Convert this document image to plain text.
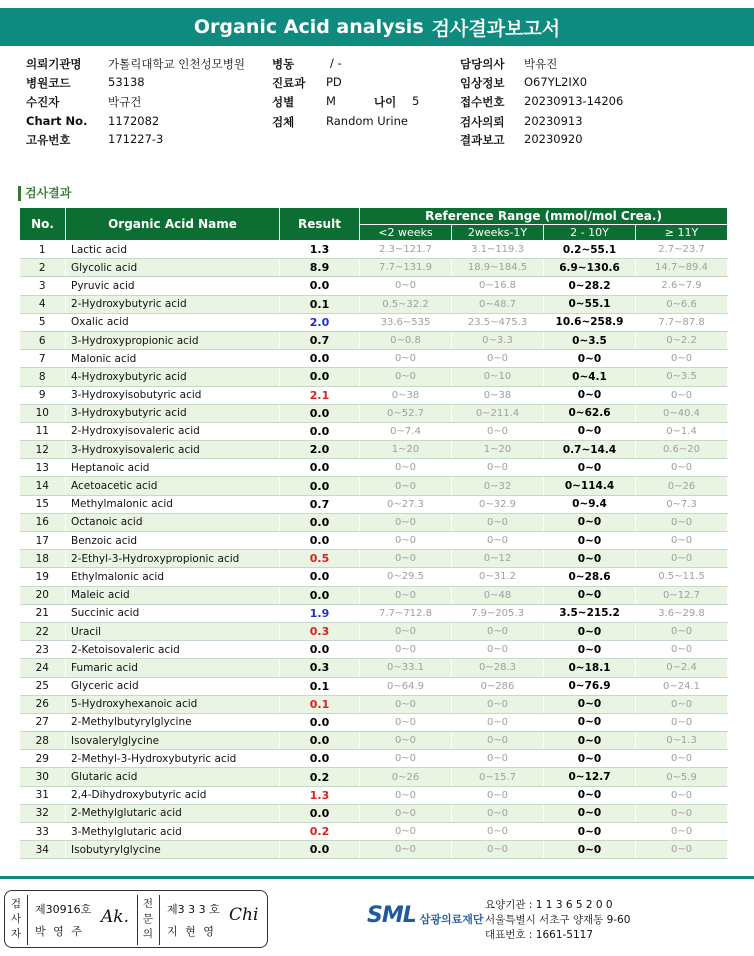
Organic Acid analysis 검사결과보고서
의뢰기관명 가톨릭대학교 인천성모병원 병동	/ -	담당의사 박유진
병원코드	53138	진료과 PD	임상정보 O67YL2IX0
수진자	박규건	성별	M	나이 5	접수번호 20230913-14206
Chart No. 1172082	검체	Random Urine	검사의뢰 20230913
고유번호	171227-3	결과보고 20230920
검사결과
No.	Organic Acid Name	Result	Reference Range (mmol/mol Crea.)			
			<2 weeks	2weeks-1Y	2 - 10Y	≥ 11Y
1	Lactic acid	1.3	2.3~121.7	3.1~119.3	0.2~55.1	2.7~23.7
2	Glycolic acid	8.9	7.7~131.9	18.9~184.5	6.9~130.6	14.7~89.4
3	Pyruvic acid	0.0	0~0	0~16.8	0~28.2	2.6~7.9
4	2-Hydroxybutyric acid	0.1	0.5~32.2	0~48.7	0~55.1	0~6.6
5	Oxalic acid	2.0	33.6~535	23.5~475.3	10.6~258.9	7.7~87.8
6	3-Hydroxypropionic acid	0.7	0~0.8	0~3.3	0~3.5	0~2.2
7	Malonic acid	0.0	0~0	0~0	0~0	0~0
8	4-Hydroxybutyric acid	0.0	0~0	0~10	0~4.1	0~3.5
9	3-Hydroxyisobutyric acid	2.1	0~38	0~38	0~0	0~0
10	3-Hydroxybutyric acid	0.0	0~52.7	0~211.4	0~62.6	0~40.4
11	2-Hydroxyisovaleric acid	0.0	0~7.4	0~0	0~0	0~1.4
12	3-Hydroxyisovaleric acid	2.0	1~20	1~20	0.7~14.4	0.6~20
13	Heptanoic acid	0.0	0~0	0~0	0~0	0~0
14	Acetoacetic acid	0.0	0~0	0~32	0~114.4	0~26
15	Methylmalonic acid	0.7	0~27.3	0~32.9	0~9.4	0~7.3
16	Octanoic acid	0.0	0~0	0~0	0~0	0~0
17	Benzoic acid	0.0	0~0	0~0	0~0	0~0
18	2-Ethyl-3-Hydroxypropionic acid	0.5	0~0	0~12	0~0	0~0
19	Ethylmalonic acid	0.0	0~29.5	0~31.2	0~28.6	0.5~11.5
20	Maleic acid	0.0	0~0	0~48	0~0	0~12.7
21	Succinic acid	1.9	7.7~712.8	7.9~205.3	3.5~215.2	3.6~29.8
22	Uracil	0.3	0~0	0~0	0~0	0~0
23	2-Ketoisovaleric acid	0.0	0~0	0~0	0~0	0~0
24	Fumaric acid	0.3	0~33.1	0~28.3	0~18.1	0~2.4
25	Glyceric acid	0.1	0~64.9	0~286	0~76.9	0~24.1
26	5-Hydroxyhexanoic acid	0.1	0~0	0~0	0~0	0~0
27	2-Methylbutyrylglycine	0.0	0~0	0~0	0~0	0~0
28	Isovalerylglycine	0.0	0~0	0~0	0~0	0~1.3
29	2-Methyl-3-Hydroxybutyric acid	0.0	0~0	0~0	0~0	0~0
30	Glutaric acid	0.2	0~26	0~15.7	0~12.7	0~5.9
31	2,4-Dihydroxybutyric acid	1.3	0~0	0~0	0~0	0~0
32	2-Methylglutaric acid	0.0	0~0	0~0	0~0	0~0
33	3-Methylglutaric acid	0.2	0~0	0~0	0~0	0~0
34	Isobutyrylglycine	0.0	0~0	0~0	0~0	0~0
검사자
제30916호
박 영 주
Ak.
전문의
제3 3 3 호
지 현 영
Chi	SML 삼광의료재단
요양기관 : 1 1 3 6 5 2 0 0
서울특별시 서초구 양재동 9-60
대표번호 : 1661-5117
